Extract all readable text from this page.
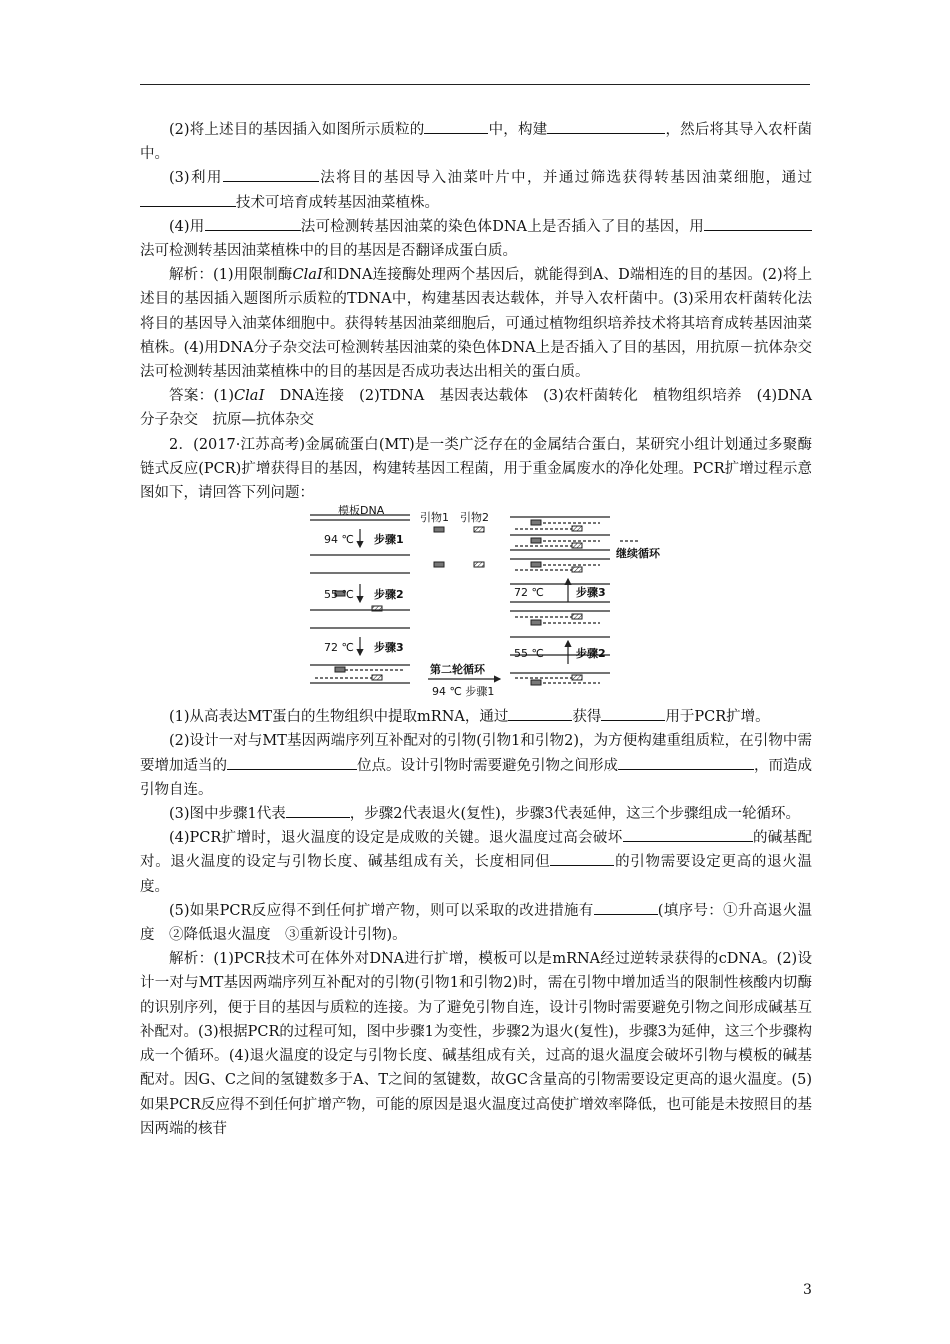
(2)将上述目的基因插入如图所示质粒的	中，构建	，然后将其导入农杆菌中。

(3)利用	法将目的基因导入油菜叶片中，并通过筛选获得转基因油菜细胞，通过技术可培育成转基因油菜植株。

(4)用	法可检测转基因油菜的染色体DNA上是否插入了目的基因，用法可检测转基因油菜植株中的目的基因是否翻译成蛋白质。

解析：(1)用限制酶ClaⅠ和DNA连接酶处理两个基因后，就能得到A、D端相连的目的基因。(2)将上述目的基因插入题图所示质粒的TDNA中，构建基因表达载体，并导入农杆菌中。(3)采用农杆菌转化法将目的基因导入油菜体细胞中。获得转基因油菜细胞后，可通过植物组织培养技术将其培育成转基因油菜植株。(4)用DNA分子杂交法可检测转基因油菜的染色体DNA上是否插入了目的基因，用抗原－抗体杂交法可检测转基因油菜植株中的目的基因是否成功表达出相关的蛋白质。

答案：(1)ClaⅠ　DNA连接　(2)TDNA　基因表达载体　(3)农杆菌转化　植物组织培养　(4)DNA分子杂交　抗原—抗体杂交

2．(2017·江苏高考)金属硫蛋白(MT)是一类广泛存在的金属结合蛋白，某研究小组计划通过多聚酶链式反应(PCR)扩增获得目的基因，构建转基因工程菌，用于重金属废水的净化处理。PCR扩增过程示意图如下，请回答下列问题：

模板DNA
引物1 引物2
94 ℃ 步骤1
55 ℃ 步骤2
72 ℃ 步骤3
第二轮循环
94 ℃ 步骤1
72 ℃	步骤3
55 ℃	步骤2
继续循环

(1)从高表达MT蛋白的生物组织中提取mRNA，通过	获得	用于PCR扩增。

(2)设计一对与MT基因两端序列互补配对的引物(引物1和引物2)，为方便构建重组质粒，在引物中需要增加适当的	位点。设计引物时需要避免引物之间形成	，而造成引物自连。

(3)图中步骤1代表	，步骤2代表退火(复性)，步骤3代表延伸，这三个步骤组成一轮循环。

(4)PCR扩增时，退火温度的设定是成败的关键。退火温度过高会破坏	的碱基配对。退火温度的设定与引物长度、碱基组成有关，长度相同但	的引物需要设定更高的退火温度。

(5)如果PCR反应得不到任何扩增产物，则可以采取的改进措施有	(填序号：①升高退火温度　②降低退火温度　③重新设计引物)。

解析：(1)PCR技术可在体外对DNA进行扩增，模板可以是mRNA经过逆转录获得的cDNA。(2)设计一对与MT基因两端序列互补配对的引物(引物1和引物2)时，需在引物中增加适当的限制性核酸内切酶的识别序列，便于目的基因与质粒的连接。为了避免引物自连，设计引物时需要避免引物之间形成碱基互补配对。(3)根据PCR的过程可知，图中步骤1为变性，步骤2为退火(复性)，步骤3为延伸，这三个步骤构成一个循环。(4)退火温度的设定与引物长度、碱基组成有关，过高的退火温度会破坏引物与模板的碱基配对。因G、C之间的氢键数多于A、T之间的氢键数，故GC含量高的引物需要设定更高的退火温度。(5)如果PCR反应得不到任何扩增产物，可能的原因是退火温度过高使扩增效率降低，也可能是未按照目的基因两端的核苷

3
